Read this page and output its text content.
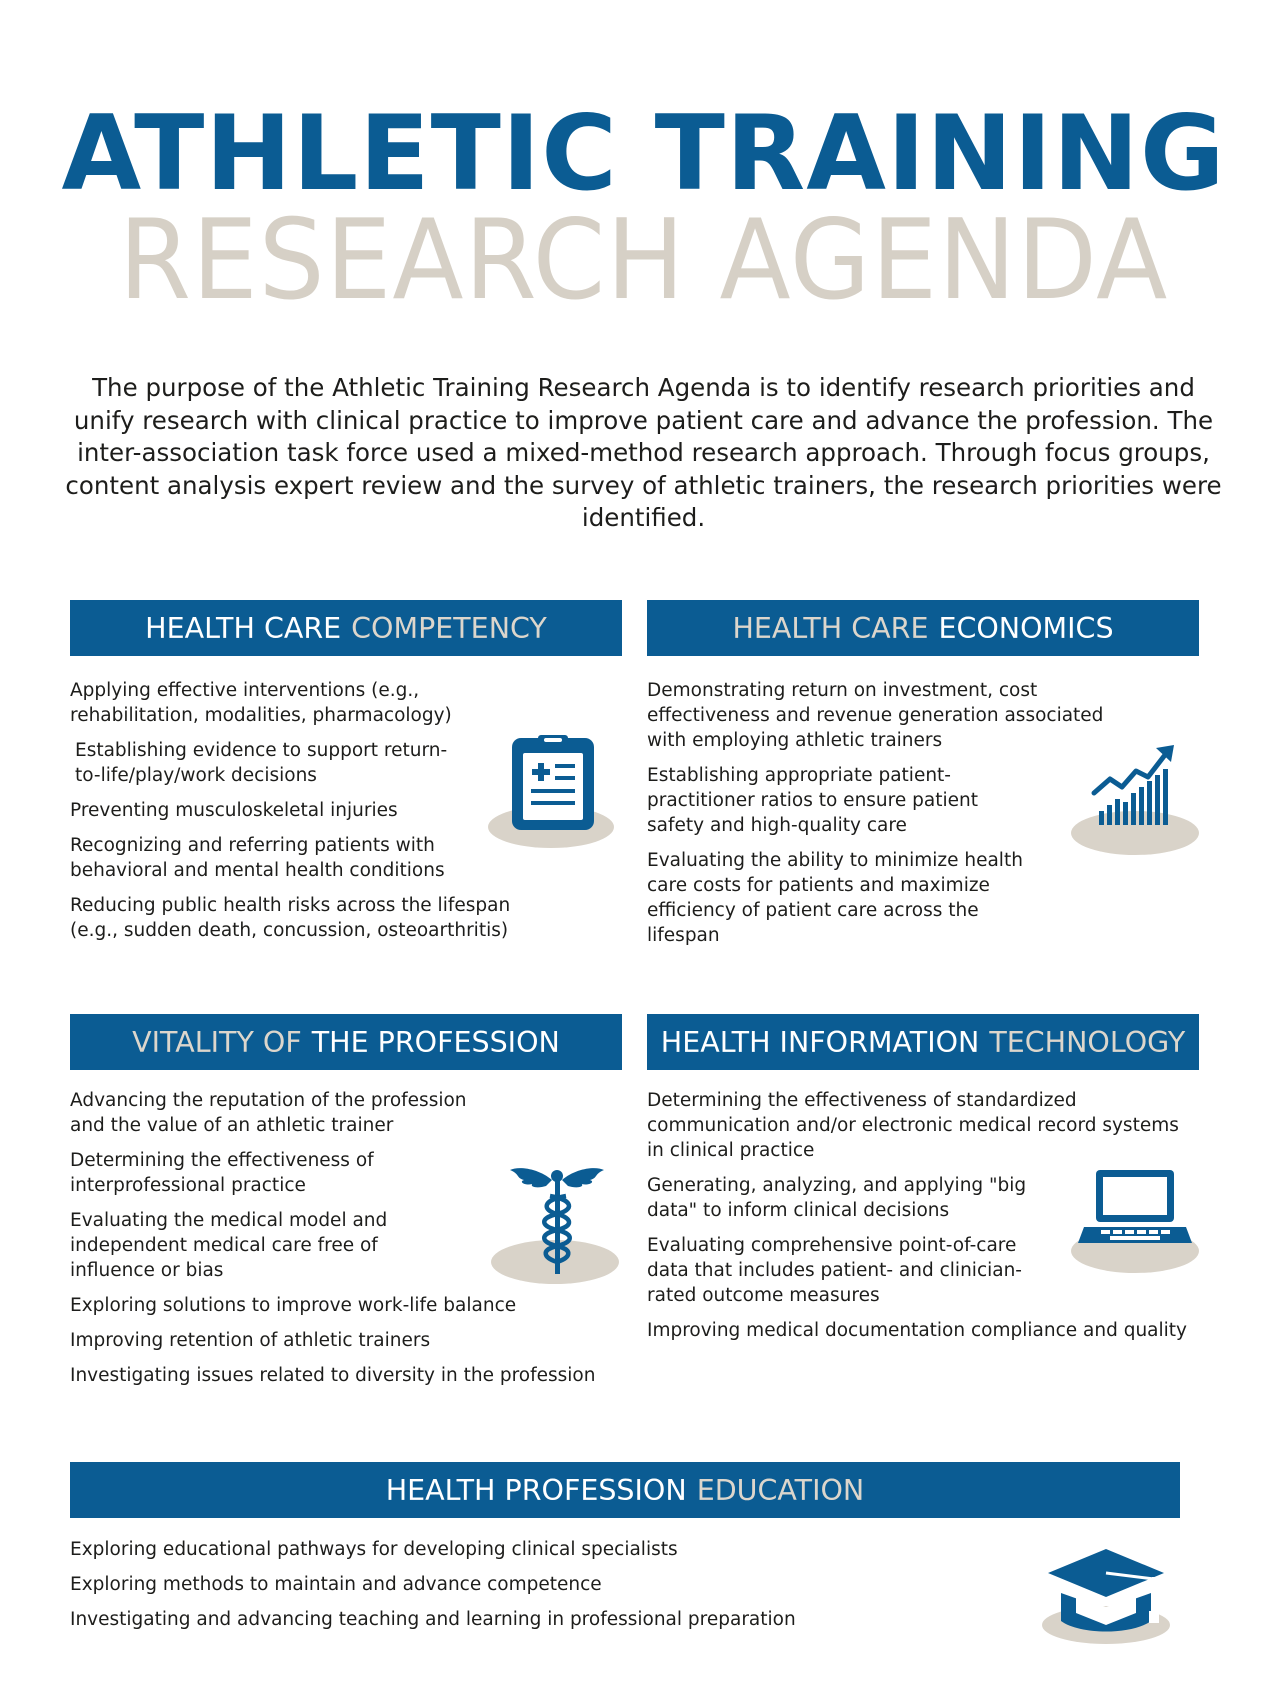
ATHLETIC TRAINING
RESEARCH AGENDA

The purpose of the Athletic Training Research Agenda is to identify research priorities and unify research with clinical practice to improve patient care and advance the profession. The inter-association task force used a mixed-method research approach. Through focus groups, content analysis expert review and the survey of athletic trainers, the research priorities were identified.

HEALTH CARE COMPETENCY
Applying effective interventions (e.g., rehabilitation, modalities, pharmacology)
Establishing evidence to support return-to-life/play/work decisions
Preventing musculoskeletal injuries
Recognizing and referring patients with behavioral and mental health conditions
Reducing public health risks across the lifespan (e.g., sudden death, concussion, osteoarthritis)
HEALTH CARE ECONOMICS
Demonstrating return on investment, cost effectiveness and revenue generation associated with employing athletic trainers
Establishing appropriate patient-practitioner ratios to ensure patient safety and high-quality care
Evaluating the ability to minimize health care costs for patients and maximize efficiency of patient care across the lifespan
VITALITY OF THE PROFESSION
Advancing the reputation of the profession and the value of an athletic trainer
Determining the effectiveness of interprofessional practice
Evaluating the medical model and independent medical care free of influence or bias
Exploring solutions to improve work-life balance
Improving retention of athletic trainers
Investigating issues related to diversity in the profession
HEALTH INFORMATION TECHNOLOGY
Determining the effectiveness of standardized communication and/or electronic medical record systems in clinical practice
Generating, analyzing, and applying "big data" to inform clinical decisions
Evaluating comprehensive point-of-care data that includes patient- and clinician-rated outcome measures
Improving medical documentation compliance and quality
HEALTH PROFESSION EDUCATION
Exploring educational pathways for developing clinical specialists
Exploring methods to maintain and advance competence
Investigating and advancing teaching and learning in professional preparation
